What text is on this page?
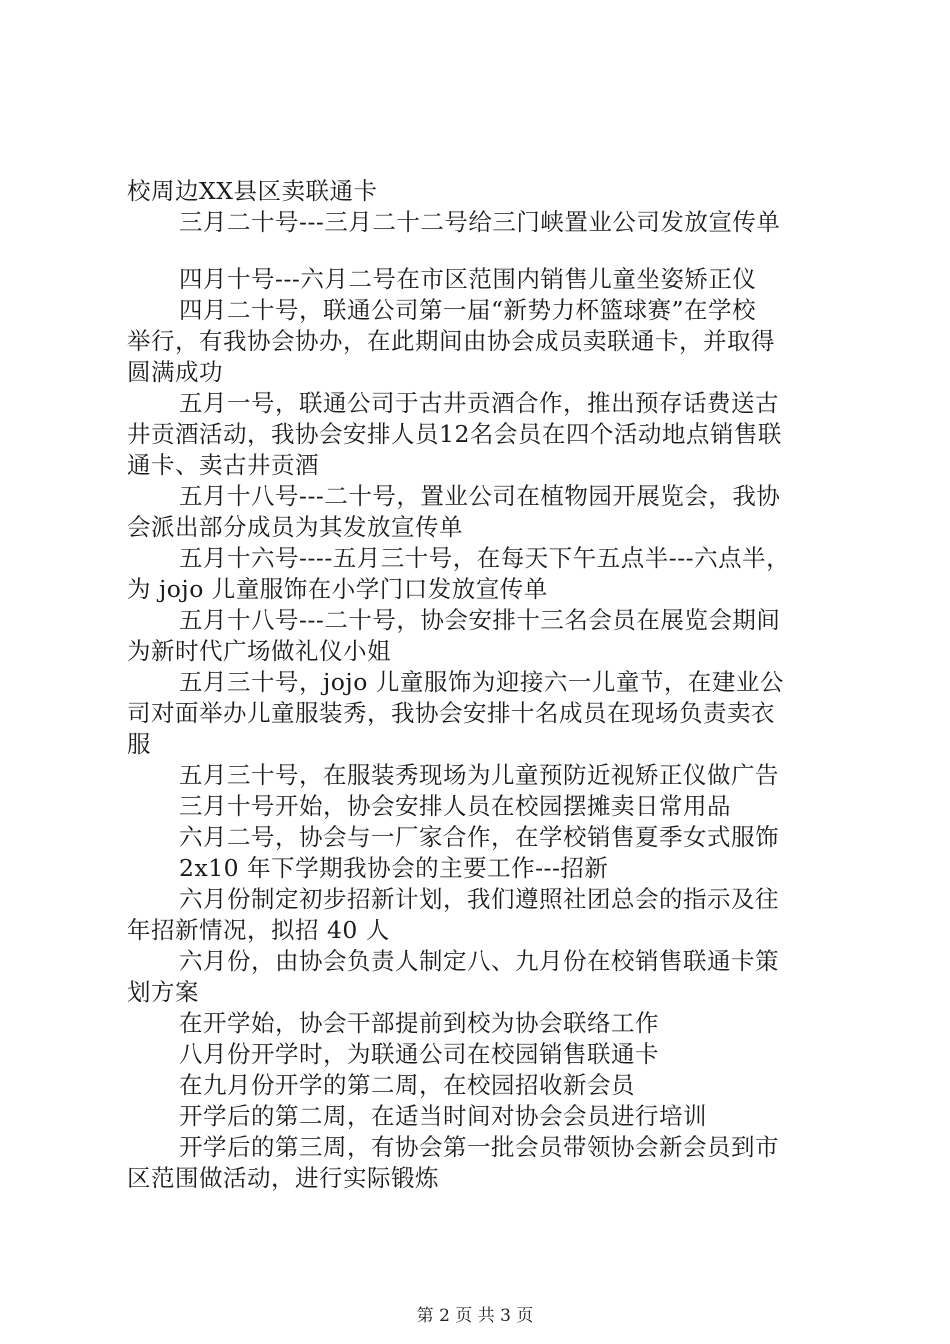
校周边XX县区卖联通卡
三月二十号---三月二十二号给三门峡置业公司发放宣传单
四月十号---六月二号在市区范围内销售儿童坐姿矫正仪
四月二十号，联通公司第一届“新势力杯篮球赛”在学校
举行，有我协会协办，在此期间由协会成员卖联通卡，并取得
圆满成功
五月一号，联通公司于古井贡酒合作，推出预存话费送古
井贡酒活动，我协会安排人员12名会员在四个活动地点销售联
通卡、卖古井贡酒
五月十八号---二十号，置业公司在植物园开展览会，我协
会派出部分成员为其发放宣传单
五月十六号----五月三十号，在每天下午五点半---六点半，
为 jojo 儿童服饰在小学门口发放宣传单
五月十八号---二十号，协会安排十三名会员在展览会期间
为新时代广场做礼仪小姐
五月三十号，jojo 儿童服饰为迎接六一儿童节，在建业公
司对面举办儿童服装秀，我协会安排十名成员在现场负责卖衣
服
五月三十号，在服装秀现场为儿童预防近视矫正仪做广告
三月十号开始，协会安排人员在校园摆摊卖日常用品
六月二号，协会与一厂家合作，在学校销售夏季女式服饰
2x10 年下学期我协会的主要工作---招新
六月份制定初步招新计划，我们遵照社团总会的指示及往
年招新情况，拟招 40 人
六月份，由协会负责人制定八、九月份在校销售联通卡策
划方案
在开学始，协会干部提前到校为协会联络工作
八月份开学时，为联通公司在校园销售联通卡
在九月份开学的第二周，在校园招收新会员
开学后的第二周，在适当时间对协会会员进行培训
开学后的第三周，有协会第一批会员带领协会新会员到市
区范围做活动，进行实际锻炼
第 2 页 共 3 页
